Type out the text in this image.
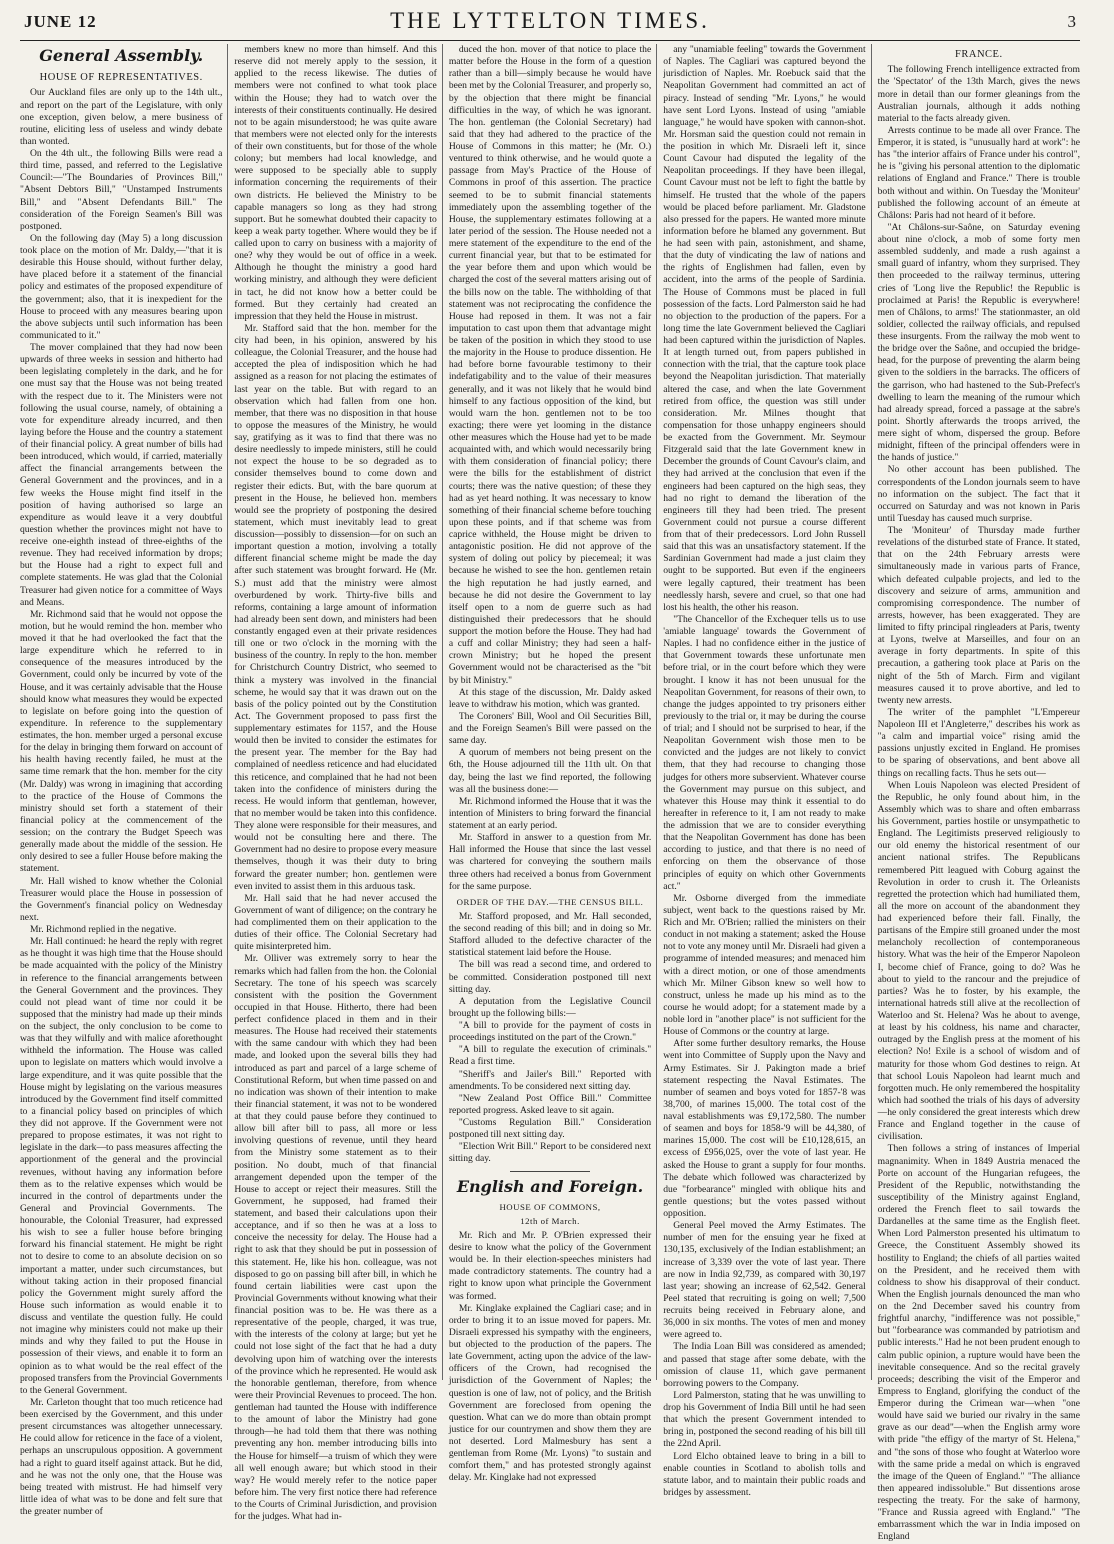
JUNE 12	THE LYTTELTON TIMES.	3
General Assembly.
HOUSE OF REPRESENTATIVES.

Our Auckland files are only up to the 14th ult., and report on the part of the Legislature, with only one exception, given below, a mere business of routine, eliciting less of useless and windy debate than wonted.

On the 4th ult., the following Bills were read a third time, passed, and referred to the Legislative Council:—"The Boundaries of Provinces Bill," "Absent Debtors Bill," "Unstamped Instruments Bill," and "Absent Defendants Bill." The consideration of the Foreign Seamen's Bill was postponed.

On the following day (May 5) a long discussion took place on the motion of Mr. Daldy,—"that it is desirable this House should, without further delay, have placed before it a statement of the financial policy and estimates of the proposed expenditure of the government; also, that it is inexpedient for the House to proceed with any measures bearing upon the above subjects until such information has been communicated to it."

The mover complained that they had now been upwards of three weeks in session and hitherto had been legislating completely in the dark, and he for one must say that the House was not being treated with the respect due to it. The Ministers were not following the usual course, namely, of obtaining a vote for expenditure already incurred, and then laying before the House and the country a statement of their financial policy. A great number of bills had been introduced, which would, if carried, materially affect the financial arrangements between the General Government and the provinces, and in a few weeks the House might find itself in the position of having authorised so large an expenditure as would leave it a very doubtful question whether the provinces might not have to receive one-eighth instead of three-eighths of the revenue. They had received information by drops; but the House had a right to expect full and complete statements. He was glad that the Colonial Treasurer had given notice for a committee of Ways and Means.

Mr. Richmond said that he would not oppose the motion, but he would remind the hon. member who moved it that he had overlooked the fact that the large expenditure which he referred to in consequence of the measures introduced by the Government, could only be incurred by vote of the House, and it was certainly advisable that the House should know what measures they would be expected to legislate on before going into the question of expenditure. In reference to the supplementary estimates, the hon. member urged a personal excuse for the delay in bringing them forward on account of his health having recently failed, he must at the same time remark that the hon. member for the city (Mr. Daldy) was wrong in imagining that according to the practice of the House of Commons the ministry should set forth a statement of their financial policy at the commencement of the session; on the contrary the Budget Speech was generally made about the middle of the session. He only desired to see a fuller House before making the statement.

Mr. Hall wished to know whether the Colonial Treasurer would place the House in possession of the Government's financial policy on Wednesday next.

Mr. Richmond replied in the negative.

Mr. Hall continued: he heard the reply with regret as he thought it was high time that the House should be made acquainted with the policy of the Ministry in reference to the financial arrangements between the General Government and the provinces. They could not plead want of time nor could it be supposed that the ministry had made up their minds on the subject, the only conclusion to be come to was that they wilfully and with malice aforethought withheld the information. The House was called upon to legislate on matters which would involve a large expenditure, and it was quite possible that the House might by legislating on the various measures introduced by the Government find itself committed to a financial policy based on principles of which they did not approve. If the Government were not prepared to propose estimates, it was not right to legislate in the dark—to pass measures affecting the apportionment of the general and the provincial revenues, without having any information before them as to the relative expenses which would be incurred in the control of departments under the General and Provincial Governments. The honourable, the Colonial Treasurer, had expressed his wish to see a fuller house before bringing forward his financial statement. He might be right not to desire to come to an absolute decision on so important a matter, under such circumstances, but without taking action in their proposed financial policy the Government might surely afford the House such information as would enable it to discuss and ventilate the question fully. He could not imagine why ministers could not make up their minds and why they failed to put the House in possession of their views, and enable it to form an opinion as to what would be the real effect of the proposed transfers from the Provincial Governments to the General Government.

Mr. Carleton thought that too much reticence had been exercised by the Government, and this under present circumstances was altogether unnecessary. He could allow for reticence in the face of a violent, perhaps an unscrupulous opposition. A government had a right to guard itself against attack. But he did, and he was not the only one, that the House was being treated with mistrust. He had himself very little idea of what was to be done and felt sure that the greater number of

members knew no more than himself. And this reserve did not merely apply to the session, it applied to the recess likewise. The duties of members were not confined to what took place within the House; they had to watch over the interests of their constituents continually. He desired not to be again misunderstood; he was quite aware that members were not elected only for the interests of their own constituents, but for those of the whole colony; but members had local knowledge, and were supposed to be specially able to supply information concerning the requirements of their own districts. He believed the Ministry to be capable managers so long as they had strong support. But he somewhat doubted their capacity to keep a weak party together. Where would they be if called upon to carry on business with a majority of one? why they would be out of office in a week. Although he thought the ministry a good hard working ministry, and although they were deficient in tact, he did not know how a better could be formed. But they certainly had created an impression that they held the House in mistrust.

Mr. Stafford said that the hon. member for the city had been, in his opinion, answered by his colleague, the Colonial Treasurer, and the house had accepted the plea of indisposition which he had assigned as a reason for not placing the estimates of last year on the table. But with regard to an observation which had fallen from one hon. member, that there was no disposition in that house to oppose the measures of the Ministry, he would say, gratifying as it was to find that there was no desire needlessly to impede ministers, still he could not expect the house to be so degraded as to consider themselves bound to come down and register their edicts. But, with the bare quorum at present in the House, he believed hon. members would see the propriety of postponing the desired statement, which must inevitably lead to great discussion—possibly to dissension—for on such an important question a motion, involving a totally different financial scheme might be made the day after such statement was brought forward. He (Mr. S.) must add that the ministry were almost overburdened by work. Thirty-five bills and reforms, containing a large amount of information had already been sent down, and ministers had been constantly engaged even at their private residences till one or two o'clock in the morning with the business of the country. In reply to the hon. member for Christchurch Country District, who seemed to think a mystery was involved in the financial scheme, he would say that it was drawn out on the basis of the policy pointed out by the Constitution Act. The Government proposed to pass first the supplementary estimates for 1157, and the House would then be invited to consider the estimates for the present year. The member for the Bay had complained of needless reticence and had elucidated this reticence, and complained that he had not been taken into the confidence of ministers during the recess. He would inform that gentleman, however, that no member would be taken into this confidence. They alone were responsible for their measures, and would not be consulting here and there. The Government had no desire to propose every measure themselves, though it was their duty to bring forward the greater number; hon. gentlemen were even invited to assist them in this arduous task.

Mr. Hall said that he had never accused the Government of want of diligence; on the contrary he had complimented them on their application to the duties of their office. The Colonial Secretary had quite misinterpreted him.

Mr. Olliver was extremely sorry to hear the remarks which had fallen from the hon. the Colonial Secretary. The tone of his speech was scarcely consistent with the position the Government occupied in that House. Hitherto, there had been perfect confidence placed in them and in their measures. The House had received their statements with the same candour with which they had been made, and looked upon the several bills they had introduced as part and parcel of a large scheme of Constitutional Reform, but when time passed on and no indication was shown of their intention to make their financial statement, it was not to be wondered at that they could pause before they continued to allow bill after bill to pass, all more or less involving questions of revenue, until they heard from the Ministry some statement as to their position. No doubt, much of that financial arrangement depended upon the temper of the House to accept or reject their measures. Still the Government, he supposed, had framed their statement, and based their calculations upon their acceptance, and if so then he was at a loss to conceive the necessity for delay. The House had a right to ask that they should be put in possession of this statement. He, like his hon. colleague, was not disposed to go on passing bill after bill, in which he found certain liabilities were cast upon the Provincial Governments without knowing what their financial position was to be. He was there as a representative of the people, charged, it was true, with the interests of the colony at large; but yet he could not lose sight of the fact that he had a duty devolving upon him of watching over the interests of the province which he represented. He would ask the honorable gentleman, therefore, from whence were their Provincial Revenues to proceed. The hon. gentleman had taunted the House with indifference to the amount of labor the Ministry had gone through—he had told them that there was nothing preventing any hon. member introducing bills into the House for himself—a truism of which they were all well enough aware; but which stood in their way? He would merely refer to the notice paper before him. The very first notice there had reference to the Courts of Criminal Jurisdiction, and provision for the judges. What had in-

duced the hon. mover of that notice to place the matter before the House in the form of a question rather than a bill—simply because he would have been met by the Colonial Treasurer, and properly so, by the objection that there might be financial difficulties in the way, of which he was ignorant. The hon. gentleman (the Colonial Secretary) had said that they had adhered to the practice of the House of Commons in this matter; he (Mr. O.) ventured to think otherwise, and he would quote a passage from May's Practice of the House of Commons in proof of this assertion. The practice seemed to be to submit financial statements immediately upon the assembling together of the House, the supplementary estimates following at a later period of the session. The House needed not a mere statement of the expenditure to the end of the current financial year, but that to be estimated for the year before them and upon which would be charged the cost of the several matters arising out of the bills now on the table. The withholding of that statement was not reciprocating the confidence the House had reposed in them. It was not a fair imputation to cast upon them that advantage might be taken of the position in which they stood to use the majority in the House to produce dissention. He had before borne favourable testimony to their indefatigability and to the value of their measures generally, and it was not likely that he would bind himself to any factious opposition of the kind, but would warn the hon. gentlemen not to be too exacting; there were yet looming in the distance other measures which the House had yet to be made acquainted with, and which would necessarily bring with them consideration of financial policy; there were the bills for the establishment of district courts; there was the native question; of these they had as yet heard nothing. It was necessary to know something of their financial scheme before touching upon these points, and if that scheme was from caprice withheld, the House might be driven to antagonistic position. He did not approve of the system of doling out policy by piecemeal; it was because he wished to see the hon. gentlemen retain the high reputation he had justly earned, and because he did not desire the Government to lay itself open to a nom de guerre such as had distinguished their predecessors that he should support the motion before the House. They had had a cuff and collar Ministry; they had seen a half-crown Ministry; but he hoped the present Government would not be characterised as the "bit by bit Ministry."

At this stage of the discussion, Mr. Daldy asked leave to withdraw his motion, which was granted.

The Coroners' Bill, Wool and Oil Securities Bill, and the Foreign Seamen's Bill were passed on the same day.

A quorum of members not being present on the 6th, the House adjourned till the 11th ult. On that day, being the last we find reported, the following was all the business done:—

Mr. Richmond informed the House that it was the intention of Ministers to bring forward the financial statement at an early period.

Mr. Stafford in answer to a question from Mr. Hall informed the House that since the last vessel was chartered for conveying the southern mails three others had received a bonus from Government for the same purpose.

ORDER OF THE DAY.—THE CENSUS BILL.

Mr. Stafford proposed, and Mr. Hall seconded, the second reading of this bill; and in doing so Mr. Stafford alluded to the defective character of the statistical statement laid before the House.

The bill was read a second time, and ordered to be committed. Consideration postponed till next sitting day.

A deputation from the Legislative Council brought up the following bills:—

"A bill to provide for the payment of costs in proceedings instituted on the part of the Crown."

"A bill to regulate the execution of criminals." Read a first time.

"Sheriff's and Jailer's Bill." Reported with amendments. To be considered next sitting day.

"New Zealand Post Office Bill." Committee reported progress. Asked leave to sit again.

"Customs Regulation Bill." Consideration postponed till next sitting day.

"Election Writ Bill." Report to be considered next sitting day.

English and Foreign.
HOUSE OF COMMONS,
12th of March.

Mr. Rich and Mr. P. O'Brien expressed their desire to know what the policy of the Government would be. In their election-speeches ministers had made contradictory statements. The country had a right to know upon what principle the Government was formed.

Mr. Kinglake explained the Cagliari case; and in order to bring it to an issue moved for papers. Mr. Disraeli expressed his sympathy with the engineers, but objected to the production of the papers. The late Government, acting upon the advice of the law-officers of the Crown, had recognised the jurisdiction of the Government of Naples; the question is one of law, not of policy, and the British Government are foreclosed from opening the question. What can we do more than obtain prompt justice for our countrymen and show them they are not deserted. Lord Malmesbury has sent a gentleman from Rome (Mr. Lyons) "to sustain and comfort them," and has protested strongly against delay. Mr. Kinglake had not expressed

any "unamiable feeling" towards the Government of Naples. The Cagliari was captured beyond the jurisdiction of Naples. Mr. Roebuck said that the Neapolitan Government had committed an act of piracy. Instead of sending "Mr. Lyons," he would have sent Lord Lyons. Instead of using "amiable language," he would have spoken with cannon-shot. Mr. Horsman said the question could not remain in the position in which Mr. Disraeli left it, since Count Cavour had disputed the legality of the Neapolitan proceedings. If they have been illegal, Count Cavour must not be left to fight the battle by himself. He trusted that the whole of the papers would be placed before parliament. Mr. Gladstone also pressed for the papers. He wanted more minute information before he blamed any government. But he had seen with pain, astonishment, and shame, that the duty of vindicating the law of nations and the rights of Englishmen had fallen, even by accident, into the arms of the people of Sardinia. The House of Commons must be placed in full possession of the facts. Lord Palmerston said he had no objection to the production of the papers. For a long time the late Government believed the Cagliari had been captured within the jurisdiction of Naples. It at length turned out, from papers published in connection with the trial, that the capture took place beyond the Neapolitan jurisdiction. That materially altered the case, and when the late Government retired from office, the question was still under consideration. Mr. Milnes thought that compensation for those unhappy engineers should be exacted from the Government. Mr. Seymour Fitzgerald said that the late Government knew in December the grounds of Count Cavour's claim, and they had arrived at the conclusion that even if the engineers had been captured on the high seas, they had no right to demand the liberation of the engineers till they had been tried. The present Government could not pursue a course different from that of their predecessors. Lord John Russell said that this was an unsatisfactory statement. If the Sardinian Government had made a just claim they ought to be supported. But even if the engineers were legally captured, their treatment has been needlessly harsh, severe and cruel, so that one had lost his health, the other his reason.

"The Chancellor of the Exchequer tells us to use 'amiable language' towards the Government of Naples. I had no confidence either in the justice of that Government towards these unfortunate men before trial, or in the court before which they were brought. I know it has not been unusual for the Neapolitan Government, for reasons of their own, to change the judges appointed to try prisoners either previously to the trial or, it may be during the course of trial; and I should not be surprised to hear, if the Neapolitan Government wish those men to be convicted and the judges are not likely to convict them, that they had recourse to changing those judges for others more subservient. Whatever course the Government may pursue on this subject, and whatever this House may think it essential to do hereafter in reference to it, I am not ready to make the admission that we are to consider everything that the Neapolitan Government has done has been according to justice, and that there is no need of enforcing on them the observance of those principles of equity on which other Governments act."

Mr. Osborne diverged from the immediate subject, went back to the questions raised by Mr. Rich and Mr. O'Brien; rallied the ministers on their conduct in not making a statement; asked the House not to vote any money until Mr. Disraeli had given a programme of intended measures; and menaced him with a direct motion, or one of those amendments which Mr. Milner Gibson knew so well how to construct, unless he made up his mind as to the course he would adopt; for a statement made by a noble lord in "another place" is not sufficient for the House of Commons or the country at large.

After some further desultory remarks, the House went into Committee of Supply upon the Navy and Army Estimates. Sir J. Pakington made a brief statement respecting the Naval Estimates. The number of seamen and boys voted for 1857-'8 was 38,700, of marines 15,000. The total cost of the naval establishments was £9,172,580. The number of seamen and boys for 1858-'9 will be 44,380, of marines 15,000. The cost will be £10,128,615, an excess of £956,025, over the vote of last year. He asked the House to grant a supply for four months. The debate which followed was characterized by due "forbearance" mingled with oblique hits and gentle questions; but the votes passed without opposition.

General Peel moved the Army Estimates. The number of men for the ensuing year he fixed at 130,135, exclusively of the Indian establishment; an increase of 3,339 over the vote of last year. There are now in India 92,739, as compared with 30,197 last year; showing an increase of 62,542. General Peel stated that recruiting is going on well; 7,500 recruits being received in February alone, and 36,000 in six months. The votes of men and money were agreed to.

The India Loan Bill was considered as amended; and passed that stage after some debate, with the omission of clause 11, which gave permanent borrowing powers to the Company.

Lord Palmerston, stating that he was unwilling to drop his Government of India Bill until he had seen that which the present Government intended to bring in, postponed the second reading of his bill till the 22nd April.

Lord Elcho obtained leave to bring in a bill to enable counties in Scotland to abolish tolls and statute labor, and to maintain their public roads and bridges by assessment.

FRANCE.

The following French intelligence extracted from the 'Spectator' of the 13th March, gives the news more in detail than our former gleanings from the Australian journals, although it adds nothing material to the facts already given.

Arrests continue to be made all over France. The Emperor, it is stated, is "unusually hard at work": he has "the interior affairs of France under his control", he is "giving his personal attention to the diplomatic relations of England and France." There is trouble both without and within. On Tuesday the 'Moniteur' published the following account of an émeute at Châlons: Paris had not heard of it before.

"At Châlons-sur-Saône, on Saturday evening about nine o'clock, a mob of some forty men assembled suddenly, and made a rush against a small guard of infantry, whom they surprised. They then proceeded to the railway terminus, uttering cries of 'Long live the Republic! the Republic is proclaimed at Paris! the Republic is everywhere! men of Châlons, to arms!' The stationmaster, an old soldier, collected the railway officials, and repulsed these insurgents. From the railway the mob went to the bridge over the Saône, and occupied the bridge-head, for the purpose of preventing the alarm being given to the soldiers in the barracks. The officers of the garrison, who had hastened to the Sub-Prefect's dwelling to learn the meaning of the rumour which had already spread, forced a passage at the sabre's point. Shortly afterwards the troops arrived, the mere sight of whom, dispersed the group. Before midnight, fifteen of the principal offenders were in the hands of justice."

No other account has been published. The correspondents of the London journals seem to have no information on the subject. The fact that it occurred on Saturday and was not known in Paris until Tuesday has caused much surprise.

The 'Moniteur' of Thursday made further revelations of the disturbed state of France. It stated, that on the 24th February arrests were simultaneously made in various parts of France, which defeated culpable projects, and led to the discovery and seizure of arms, ammunition and compromising correspondence. The number of arrests, however, has been exaggerated. They are limited to fifty principal ringleaders at Paris, twenty at Lyons, twelve at Marseilles, and four on an average in forty departments. In spite of this precaution, a gathering took place at Paris on the night of the 5th of March. Firm and vigilant measures caused it to prove abortive, and led to twenty new arrests.

The writer of the pamphlet "L'Empereur Napoleon III et l'Angleterre," describes his work as "a calm and impartial voice" rising amid the passions unjustly excited in England. He promises to be sparing of observations, and bent above all things on recalling facts. Thus he sets out—

When Louis Napoleon was elected President of the Republic, he only found about him, in the Assembly which was to share and often embarrass his Government, parties hostile or unsympathetic to England. The Legitimists preserved religiously to our old enemy the historical resentment of our ancient national strifes. The Republicans remembered Pitt leagued with Coburg against the Revolution in order to crush it. The Orleanists regretted the protection which had humiliated them, all the more on account of the abandonment they had experienced before their fall. Finally, the partisans of the Empire still groaned under the most melancholy recollection of contemporaneous history. What was the heir of the Emperor Napoleon I, become chief of France, going to do? Was he about to yield to the rancour and the prejudice of parties? Was he to foster, by his example, the international hatreds still alive at the recollection of Waterloo and St. Helena? Was he about to avenge, at least by his coldness, his name and character, outraged by the English press at the moment of his election? No! Exile is a school of wisdom and of maturity for those whom God destines to reign. At that school Louis Napoleon had learnt much and forgotten much. He only remembered the hospitality which had soothed the trials of his days of adversity—he only considered the great interests which drew France and England together in the cause of civilisation.

Then follows a string of instances of Imperial magnanimity. When in 1849 Austria menaced the Porte on account of the Hungarian refugees, the President of the Republic, notwithstanding the susceptibility of the Ministry against England, ordered the French fleet to sail towards the Dardanelles at the same time as the English fleet. When Lord Palmerston presented his ultimatum to Greece, the Constituent Assembly showed its hostility to England; the chiefs of all parties waited on the President, and he received them with coldness to show his disapproval of their conduct. When the English journals denounced the man who on the 2nd December saved his country from frightful anarchy, "indifference was not possible," but "forbearance was commanded by patriotism and public interests." Had he not been prudent enough to calm public opinion, a rupture would have been the inevitable consequence. And so the recital gravely proceeds; describing the visit of the Emperor and Empress to England, glorifying the conduct of the Emperor during the Crimean war—when "one would have said we buried our rivalry in the same grave as our dead"—when the English army wore with pride "the effigy of the martyr of St. Helena," and "the sons of those who fought at Waterloo wore with the same pride a medal on which is engraved the image of the Queen of England." "The alliance then appeared indissoluble." But dissentions arose respecting the treaty. For the sake of harmony, "France and Russia agreed with England." "The embarrassment which the war in India imposed on England
